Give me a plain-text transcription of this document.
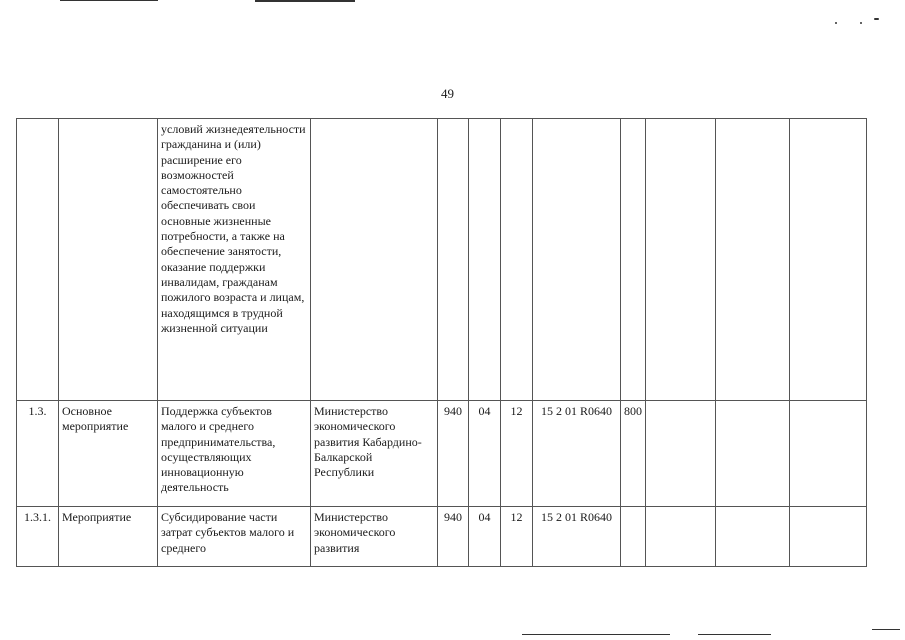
49
		условий жизнедеятельности гражданина и (или) расширение его возможностей самостоятельно обеспечивать свои основные жизненные потребности, а также на обеспечение занятости, оказание поддержки инвалидам, гражданам пожилого возраста и лицам, находящимся в трудной жизненной ситуации									
1.3.	Основное мероприятие	Поддержка субъектов малого и среднего предпринимательства, осуществляющих инновационную деятельность	Министерство экономического развития Кабардино-Балкарской Республики	940	04	12	15 2 01 R0640	800			
1.3.1.	Мероприятие	Субсидирование части затрат субъектов малого и среднего	Министерство экономического развития	940	04	12	15 2 01 R0640				
